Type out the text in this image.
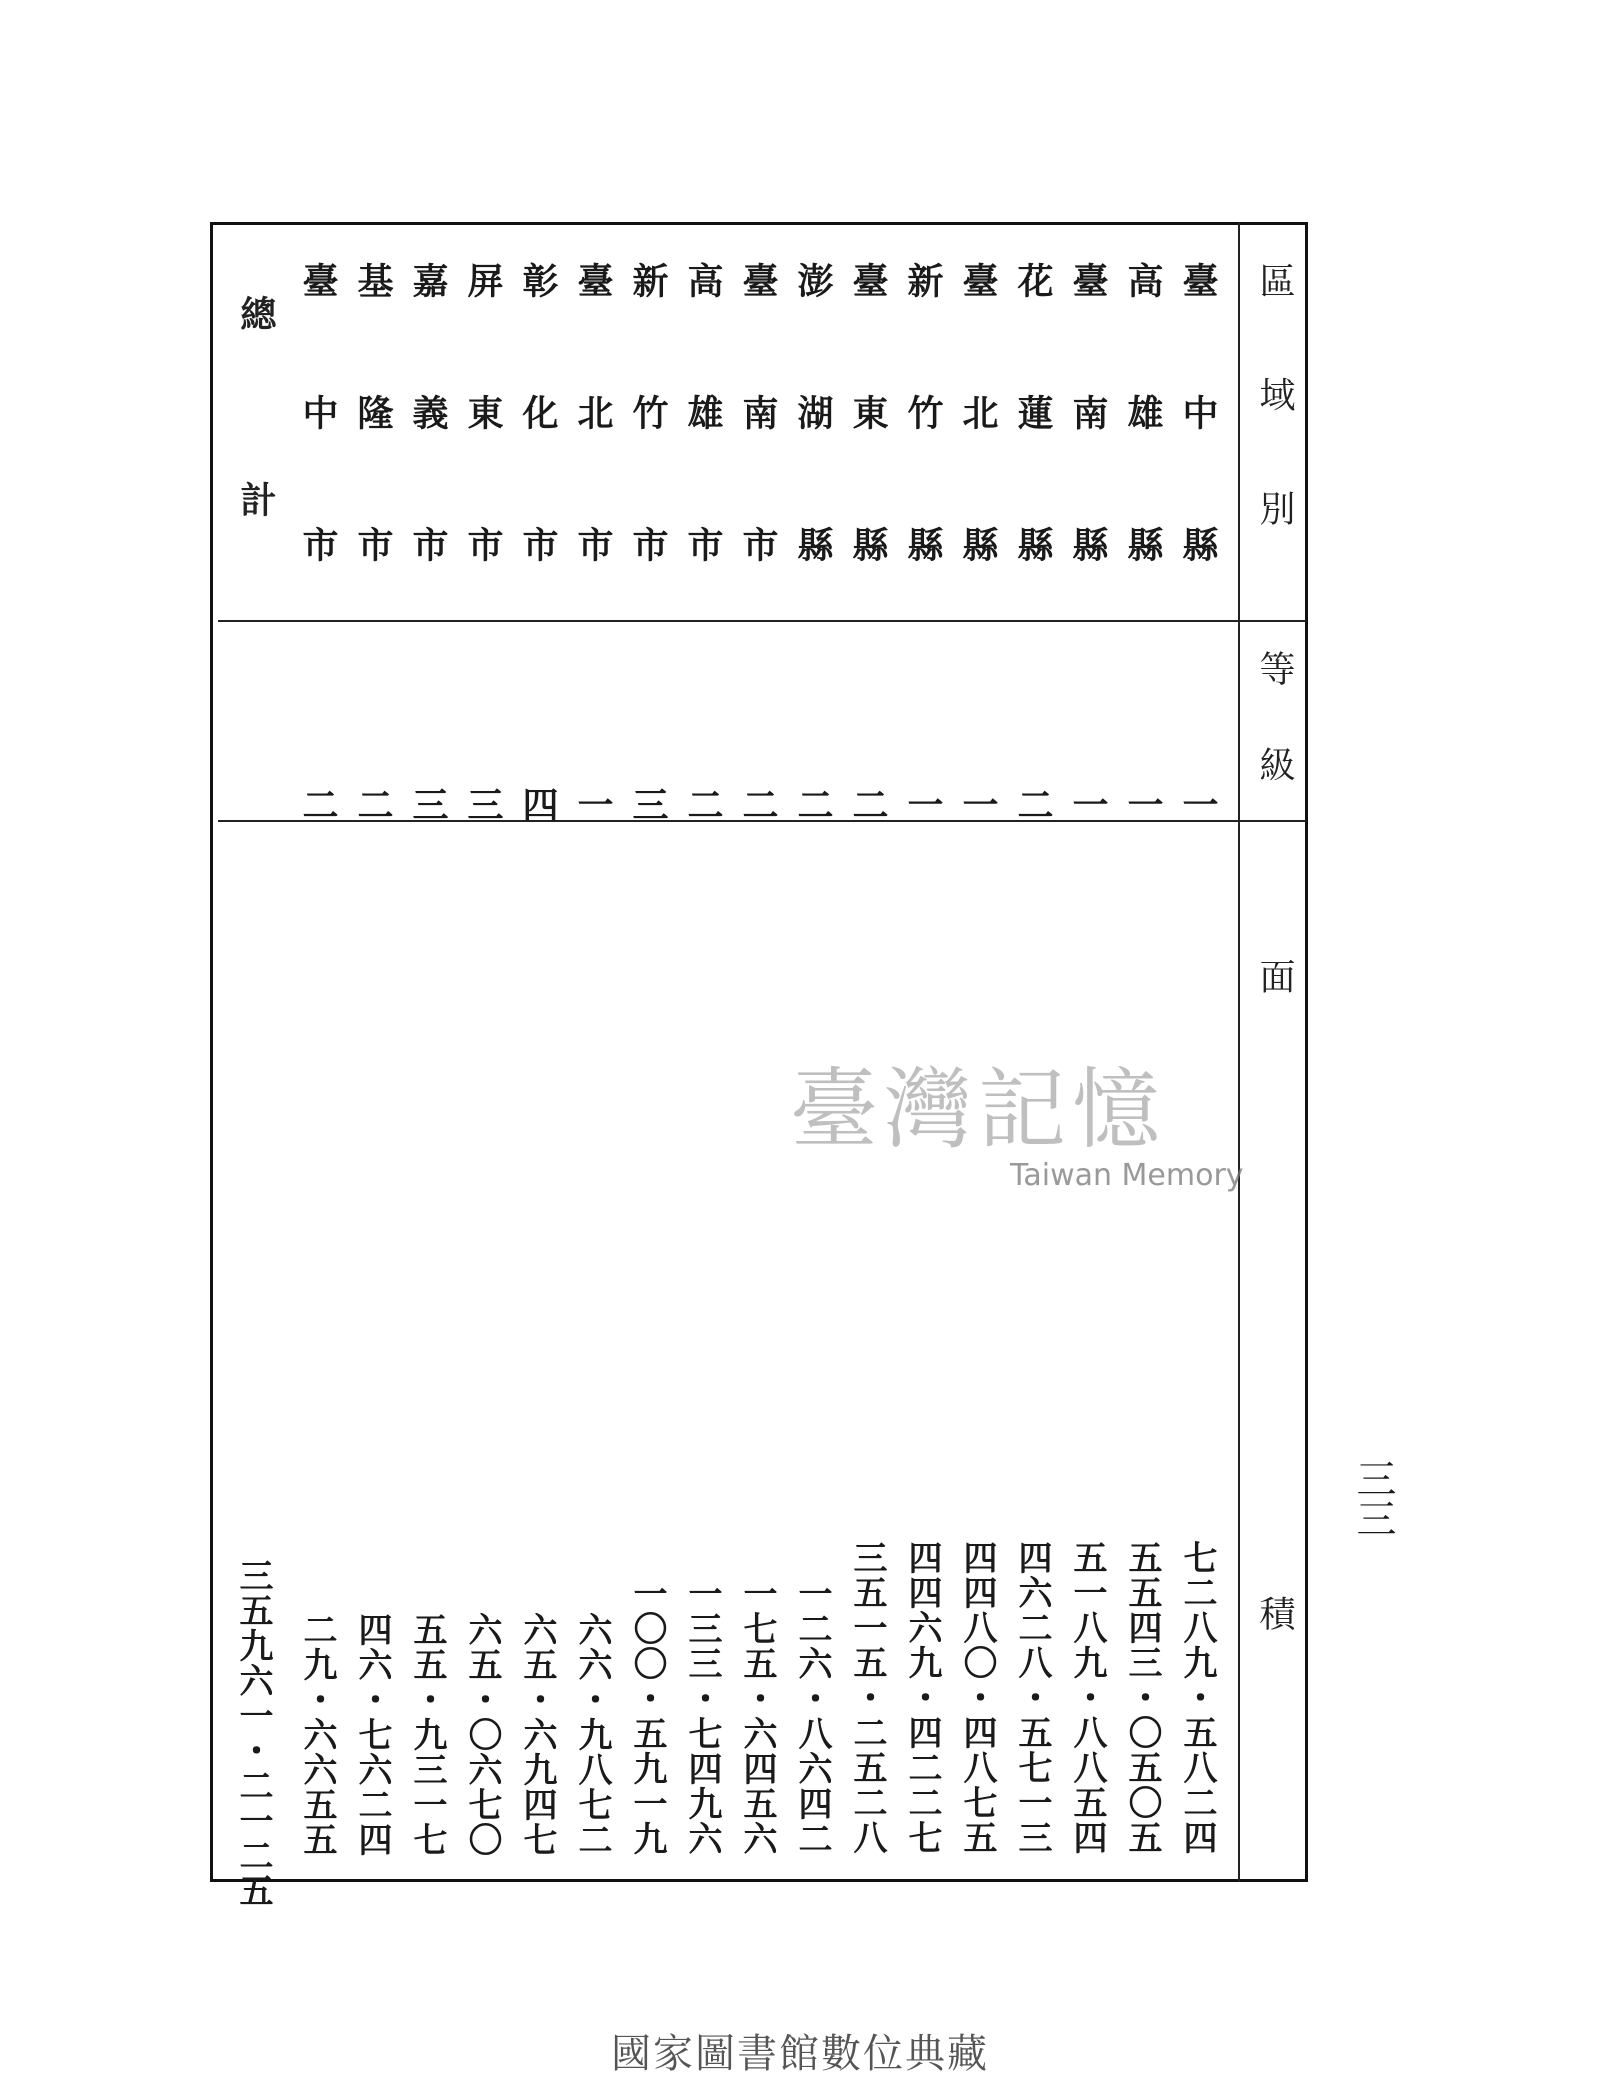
區域別
等級
面
積
臺中縣
一
七二八九・五八二四
高雄縣
一
五五四三・〇五〇五
臺南縣
一
五一八九・八八五四
花蓮縣
二
四六二八・五七一三
臺北縣
一
四四八〇・四八七五
新竹縣
一
四四六九・四二二七
臺東縣
二
三五一五・二五二八
澎湖縣
二
一二六・八六四二
臺南市
二
一七五・六四五六
高雄市
二
一三三・七四九六
新竹市
三
一〇〇・五九一九
臺北市
一
六六・九八七二
彰化市
四
六五・六九四七
屏東市
三
六五・〇六七〇
嘉義市
三
五五・九三一七
基隆市
二
四六・七六二四
臺中市
二
二九・六六五五
總計
三五九六一・二一二五
三三
臺灣記憶
Taiwan Memory
國家圖書館數位典藏
